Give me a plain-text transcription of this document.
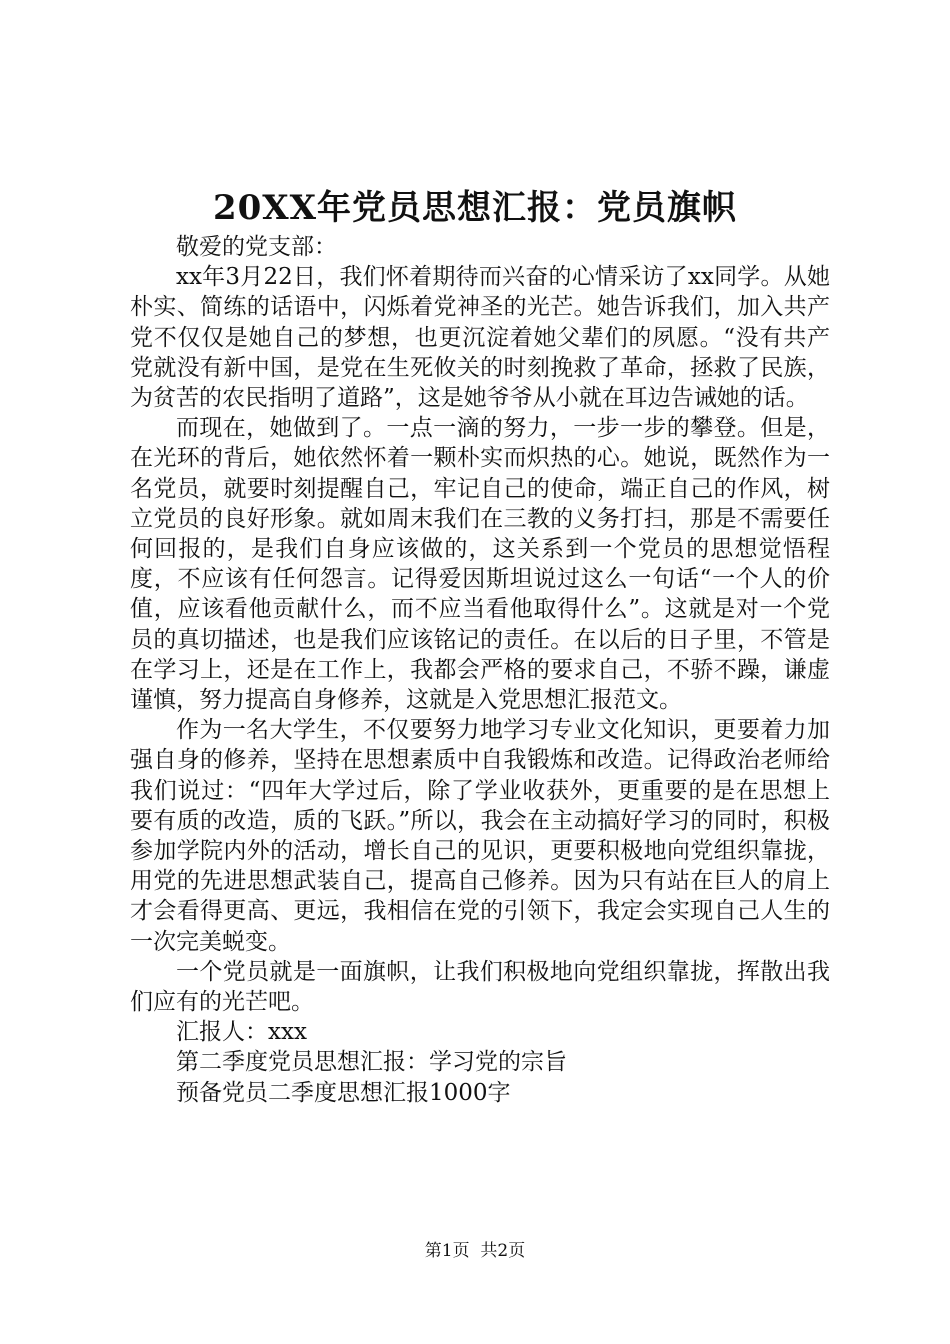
20XX年党员思想汇报：党员旗帜

敬爱的党支部：

xx年3月22日，我们怀着期待而兴奋的心情采访了xx同学。从她朴实、简练的话语中，闪烁着党神圣的光芒。她告诉我们，加入共产党不仅仅是她自己的梦想，也更沉淀着她父辈们的夙愿。“没有共产党就没有新中国，是党在生死攸关的时刻挽救了革命，拯救了民族，为贫苦的农民指明了道路”，这是她爷爷从小就在耳边告诫她的话。

而现在，她做到了。一点一滴的努力，一步一步的攀登。但是，在光环的背后，她依然怀着一颗朴实而炽热的心。她说，既然作为一名党员，就要时刻提醒自己，牢记自己的使命，端正自己的作风，树立党员的良好形象。就如周末我们在三教的义务打扫，那是不需要任何回报的，是我们自身应该做的，这关系到一个党员的思想觉悟程度，不应该有任何怨言。记得爱因斯坦说过这么一句话“一个人的价值，应该看他贡献什么，而不应当看他取得什么”。这就是对一个党员的真切描述，也是我们应该铭记的责任。在以后的日子里，不管是在学习上，还是在工作上，我都会严格的要求自己，不骄不躁，谦虚谨慎，努力提高自身修养，这就是入党思想汇报范文。

作为一名大学生，不仅要努力地学习专业文化知识，更要着力加强自身的修养，坚持在思想素质中自我锻炼和改造。记得政治老师给我们说过：“四年大学过后，除了学业收获外，更重要的是在思想上要有质的改造，质的飞跃。”所以，我会在主动搞好学习的同时，积极参加学院内外的活动，增长自己的见识，更要积极地向党组织靠拢，用党的先进思想武装自己，提高自己修养。因为只有站在巨人的肩上才会看得更高、更远，我相信在党的引领下，我定会实现自己人生的一次完美蜕变。

一个党员就是一面旗帜，让我们积极地向党组织靠拢，挥散出我们应有的光芒吧。

汇报人：xxx

第二季度党员思想汇报：学习党的宗旨

预备党员二季度思想汇报1000字

第1页 共2页
